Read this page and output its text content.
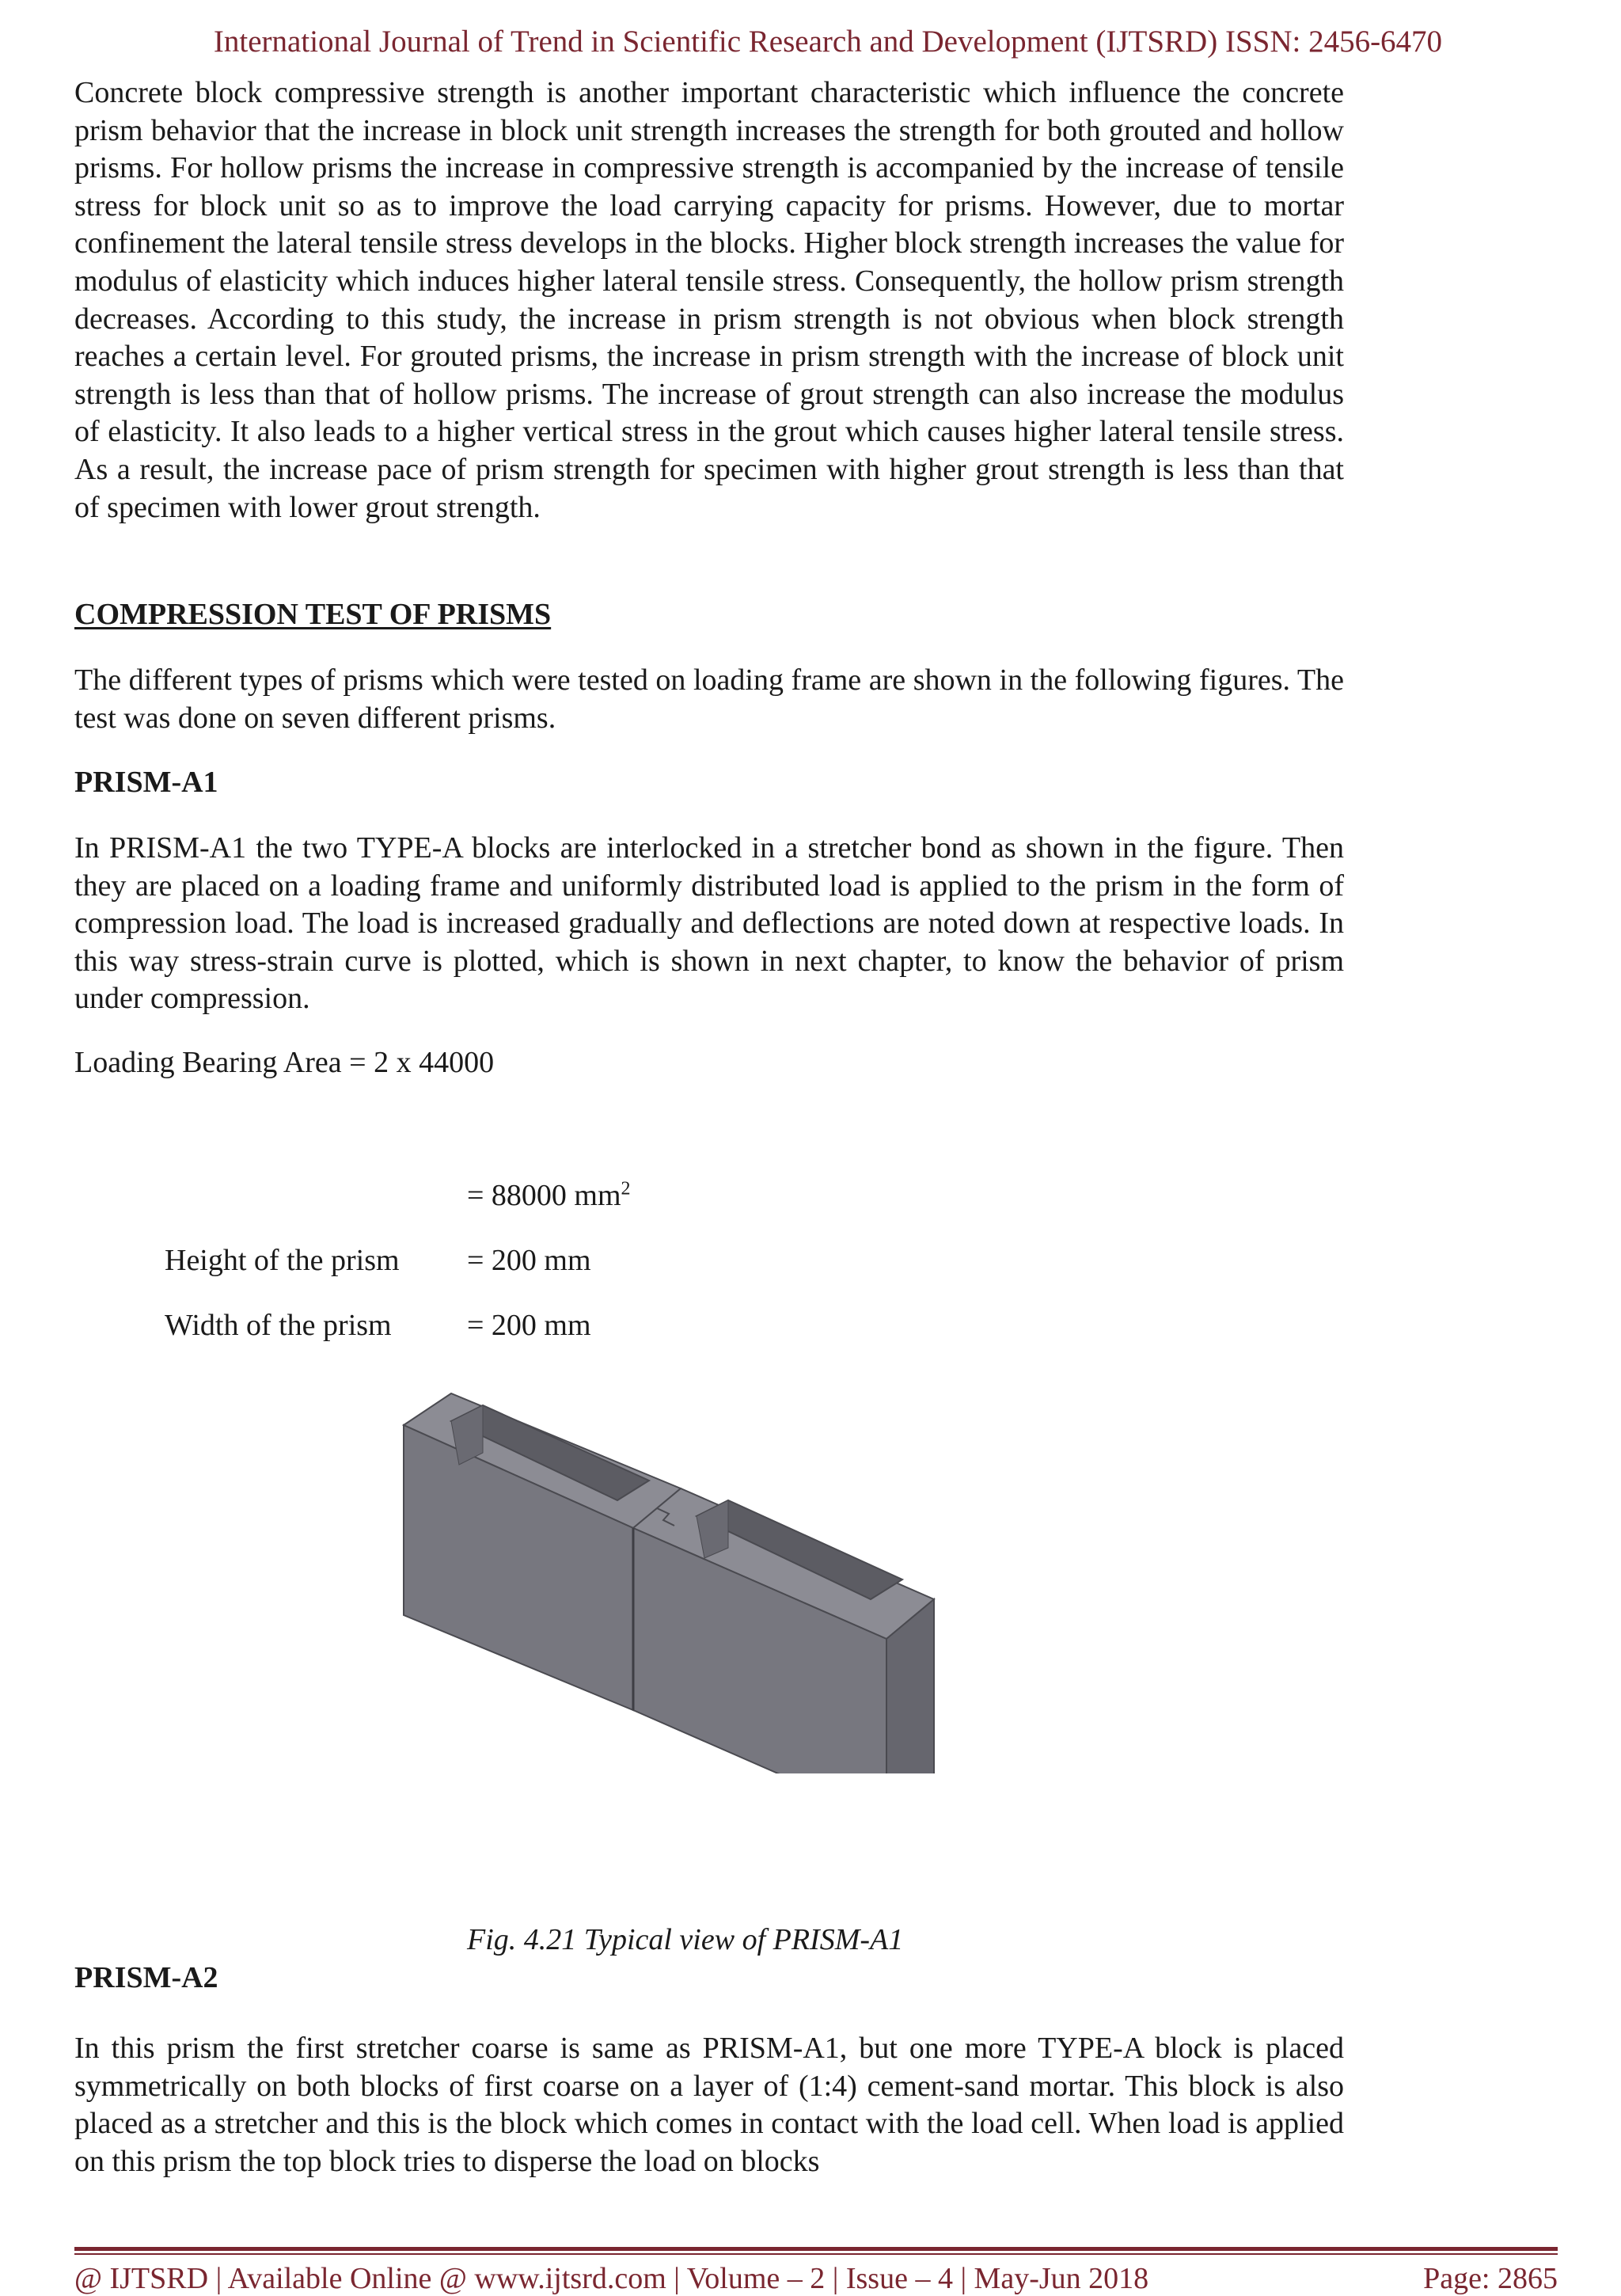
International Journal of Trend in Scientific Research and Development (IJTSRD) ISSN: 2456-6470

Concrete block compressive strength is another important characteristic which influence the concrete prism behavior that the increase in block unit strength increases the strength for both grouted and hollow prisms. For hollow prisms the increase in compressive strength is accompanied by the increase of tensile stress for block unit so as to improve the load carrying capacity for prisms. However, due to mortar confinement the lateral tensile stress develops in the blocks. Higher block strength increases the value for modulus of elasticity which induces higher lateral tensile stress. Consequently, the hollow prism strength decreases. According to this study, the increase in prism strength is not obvious when block strength reaches a certain level. For grouted prisms, the increase in prism strength with the increase of block unit strength is less than that of hollow prisms. The increase of grout strength can also increase the modulus of elasticity. It also leads to a higher vertical stress in the grout which causes higher lateral tensile stress. As a result, the increase pace of prism strength for specimen with higher grout strength is less than that of specimen with lower grout strength.

COMPRESSION TEST OF PRISMS

The different types of prisms which were tested on loading frame are shown in the following figures. The test was done on seven different prisms.

PRISM-A1

In PRISM-A1 the two TYPE-A blocks are interlocked in a stretcher bond as shown in the figure. Then they are placed on a loading frame and uniformly distributed load is applied to the prism in the form of compression load. The load is increased gradually and deflections are noted down at respective loads. In this way stress-strain curve is plotted, which is shown in next chapter, to know the behavior of prism under compression.

Loading Bearing Area = 2 x 44000

= 88000 $mm^2$

Height of the prism = 200 mm

Width of the prism	= 200 mm

Fig. 4.21 Typical view of PRISM-A1

PRISM-A2

In this prism the first stretcher coarse is same as PRISM-A1, but one more TYPE-A block is placed symmetrically on both blocks of first coarse on a layer of (1:4) cement-sand mortar. This block is also placed as a stretcher and this is the block which comes in contact with the load cell. When load is applied on this prism the top block tries to disperse the load on blocks

@ IJTSRD | Available Online @ www.ijtsrd.com | Volume – 2 | Issue – 4 | May-Jun 2018	Page: 2865
